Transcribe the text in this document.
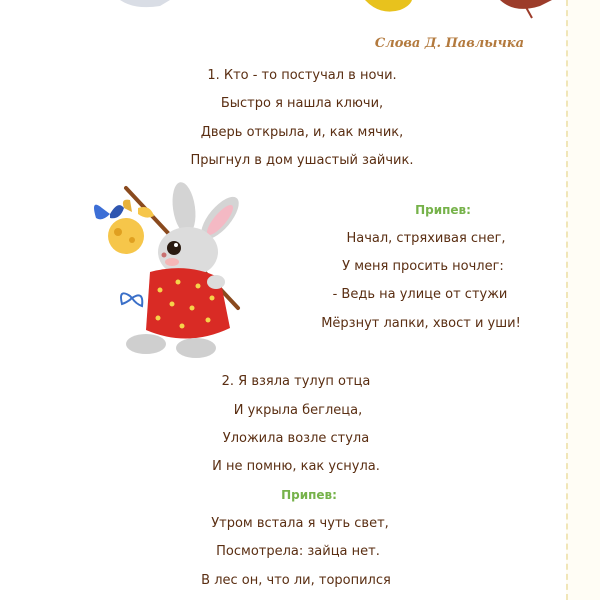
Слова Д. Павлычка
1. Кто - то постучал в ночи.
Быстро я нашла ключи,
Дверь открыла, и, как мячик,
Прыгнул в дом ушастый зайчик.
Припев:
Начал, стряхивая снег,
У меня просить ночлег:
- Ведь на улице от стужи
Мёрзнут лапки, хвост и уши!
2. Я взяла тулуп отца
И укрыла беглеца,
Уложила возле стула
И не помню, как уснула.
Припев:
Утром встала я чуть свет,
Посмотрела: зайца нет.
В лес он, что ли, торопился
